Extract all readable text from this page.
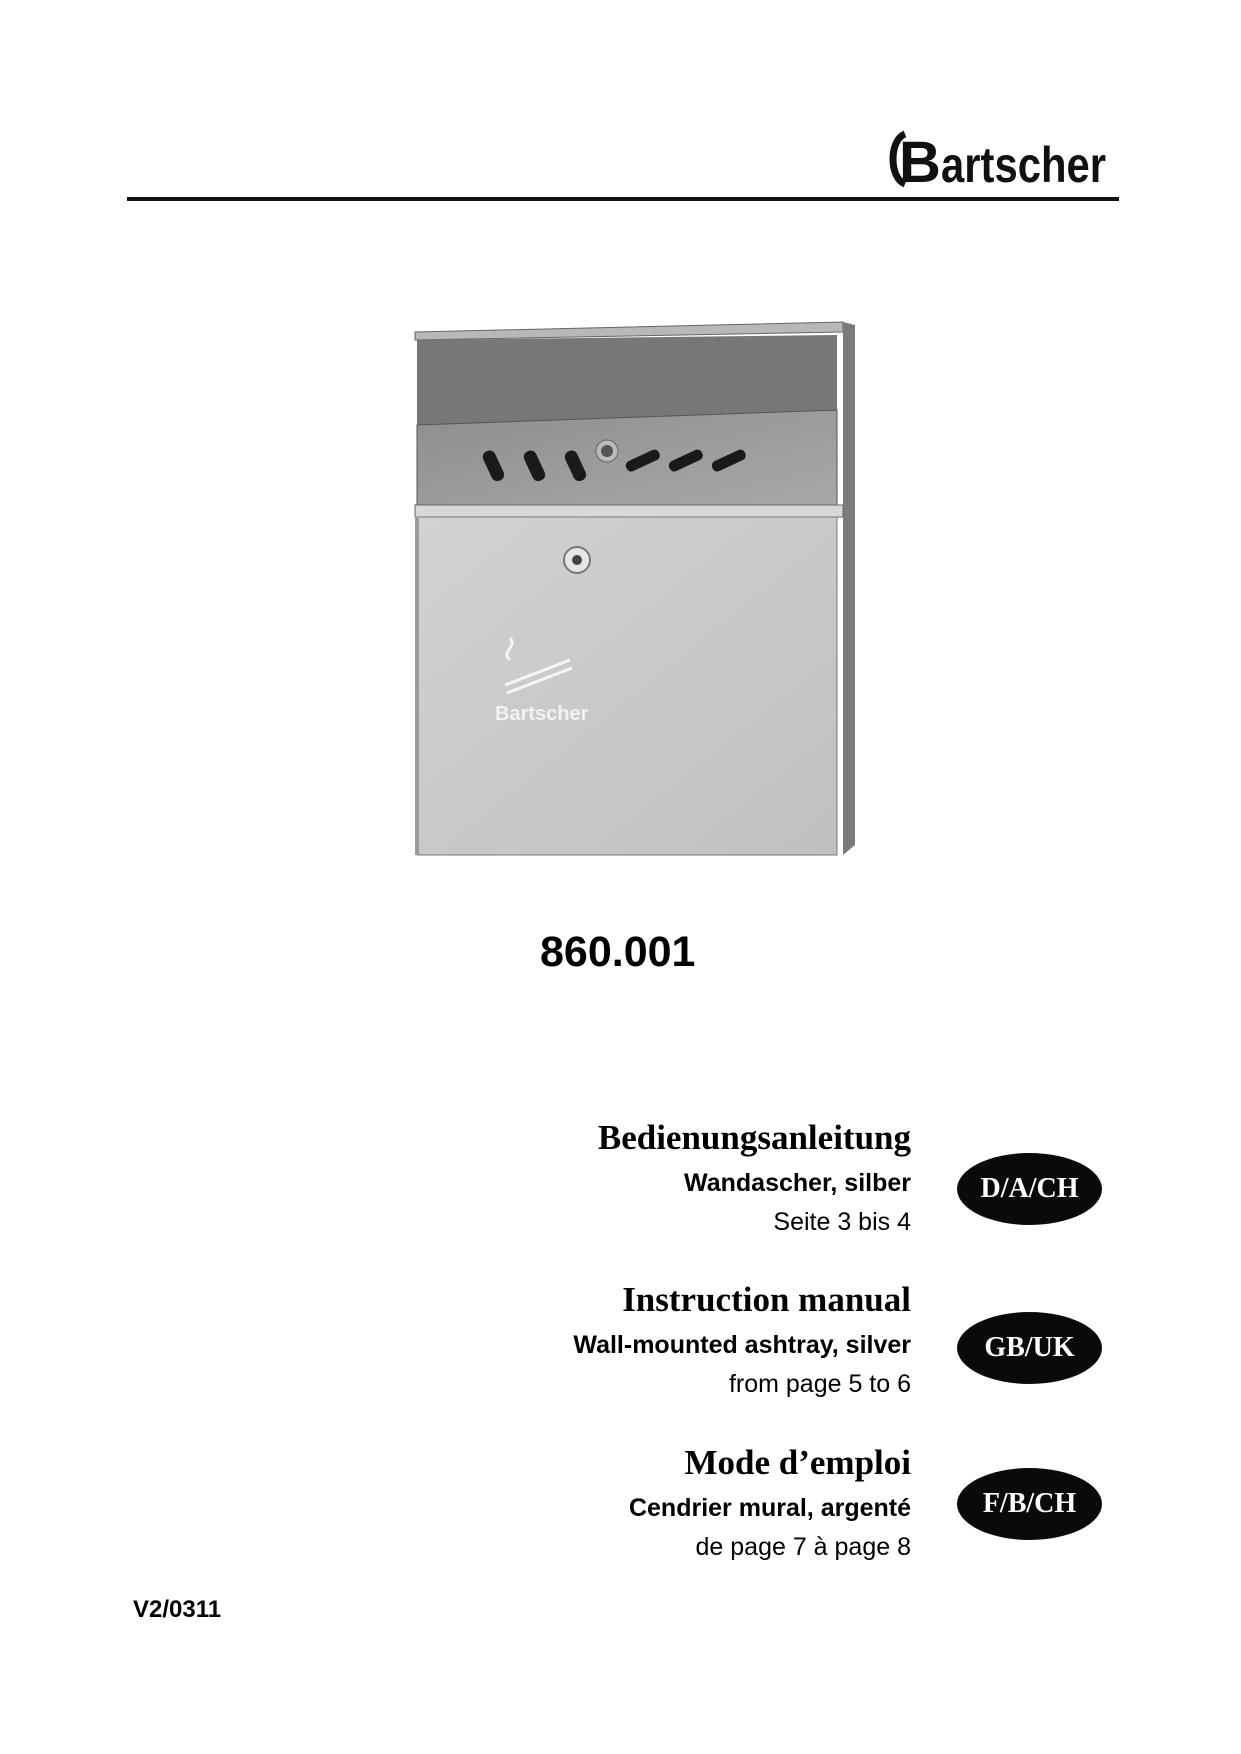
B artscher
Bartscher
860.001
Bedienungsanleitung
Wandascher, silber
Seite 3 bis 4
D/A/CH
Instruction manual
Wall-mounted ashtray, silver
from page 5 to 6
GB/UK
Mode d’emploi
Cendrier mural, argenté
de page 7 à page 8
F/B/CH
V2/0311
